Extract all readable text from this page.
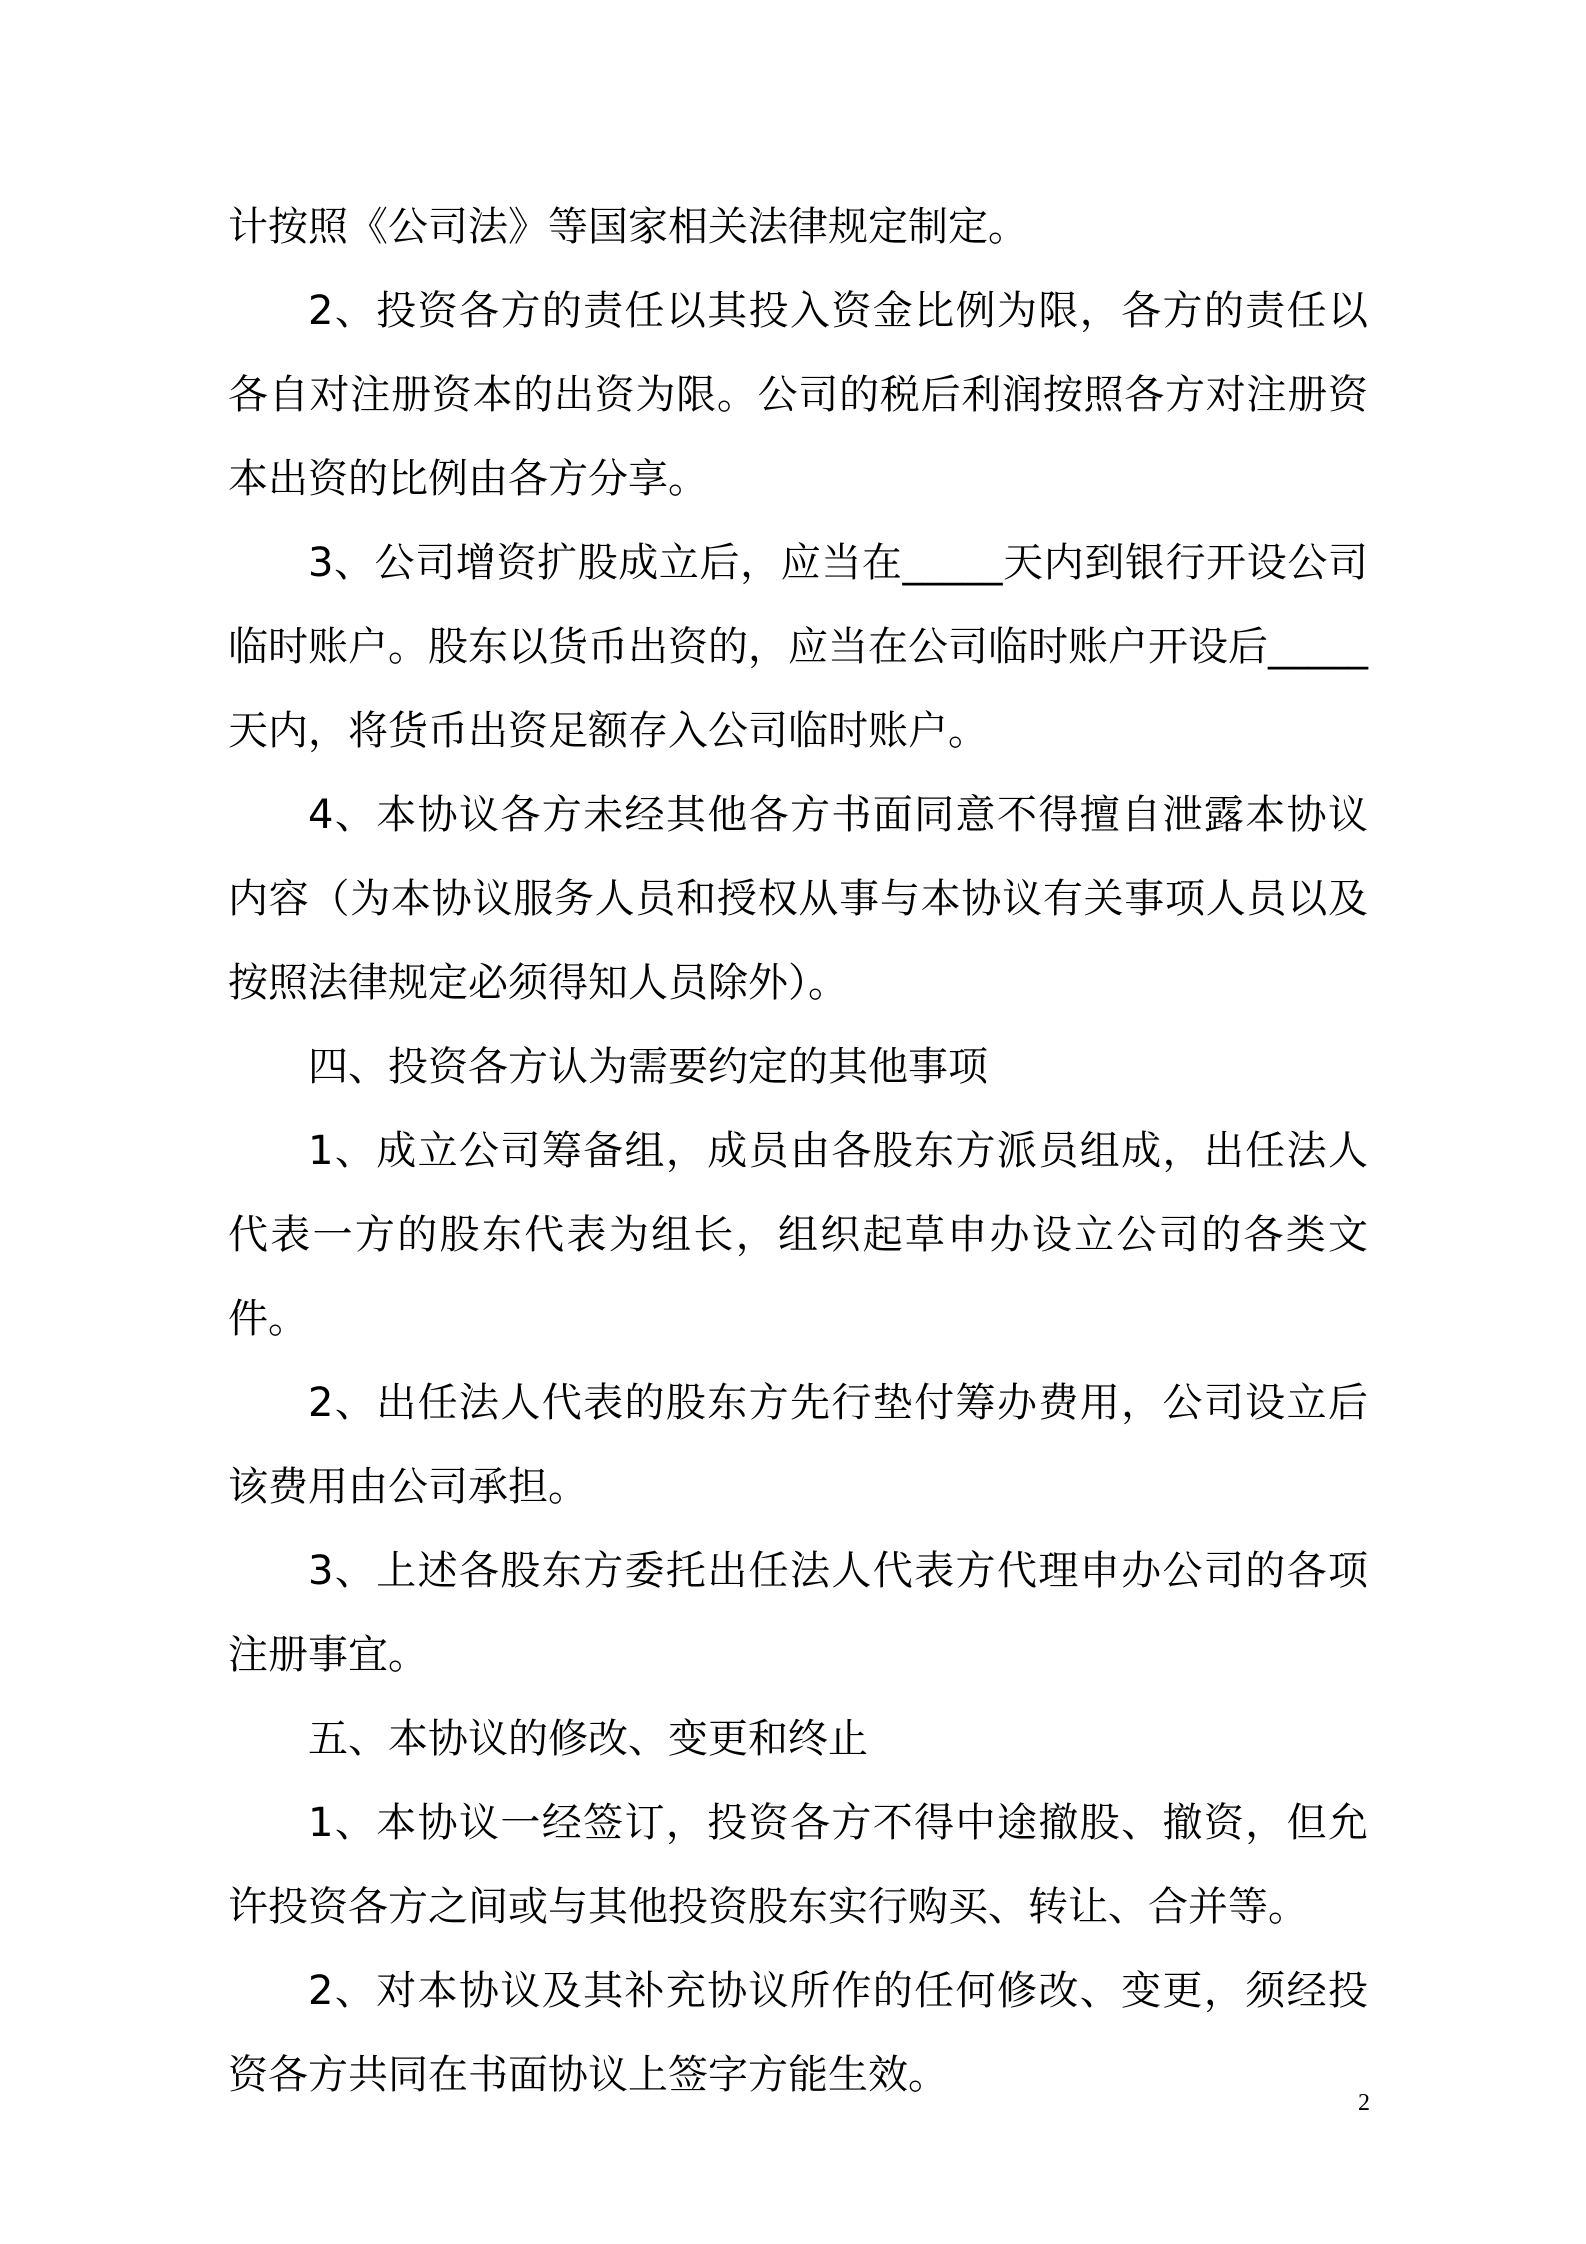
计按照《公司法》等国家相关法律规定制定。

2、投资各方的责任以其投入资金比例为限，各方的责任以各自对注册资本的出资为限。公司的税后利润按照各方对注册资本出资的比例由各方分享。

3、公司增资扩股成立后，应当在_____天内到银行开设公司临时账户。股东以货币出资的，应当在公司临时账户开设后_____天内，将货币出资足额存入公司临时账户。

4、本协议各方未经其他各方书面同意不得擅自泄露本协议内容（为本协议服务人员和授权从事与本协议有关事项人员以及按照法律规定必须得知人员除外）。

四、投资各方认为需要约定的其他事项

1、成立公司筹备组，成员由各股东方派员组成，出任法人代表一方的股东代表为组长，组织起草申办设立公司的各类文件。

2、出任法人代表的股东方先行垫付筹办费用，公司设立后该费用由公司承担。

3、上述各股东方委托出任法人代表方代理申办公司的各项注册事宜。

五、本协议的修改、变更和终止

1、本协议一经签订，投资各方不得中途撤股、撤资，但允许投资各方之间或与其他投资股东实行购买、转让、合并等。

2、对本协议及其补充协议所作的任何修改、变更，须经投资各方共同在书面协议上签字方能生效。

2
